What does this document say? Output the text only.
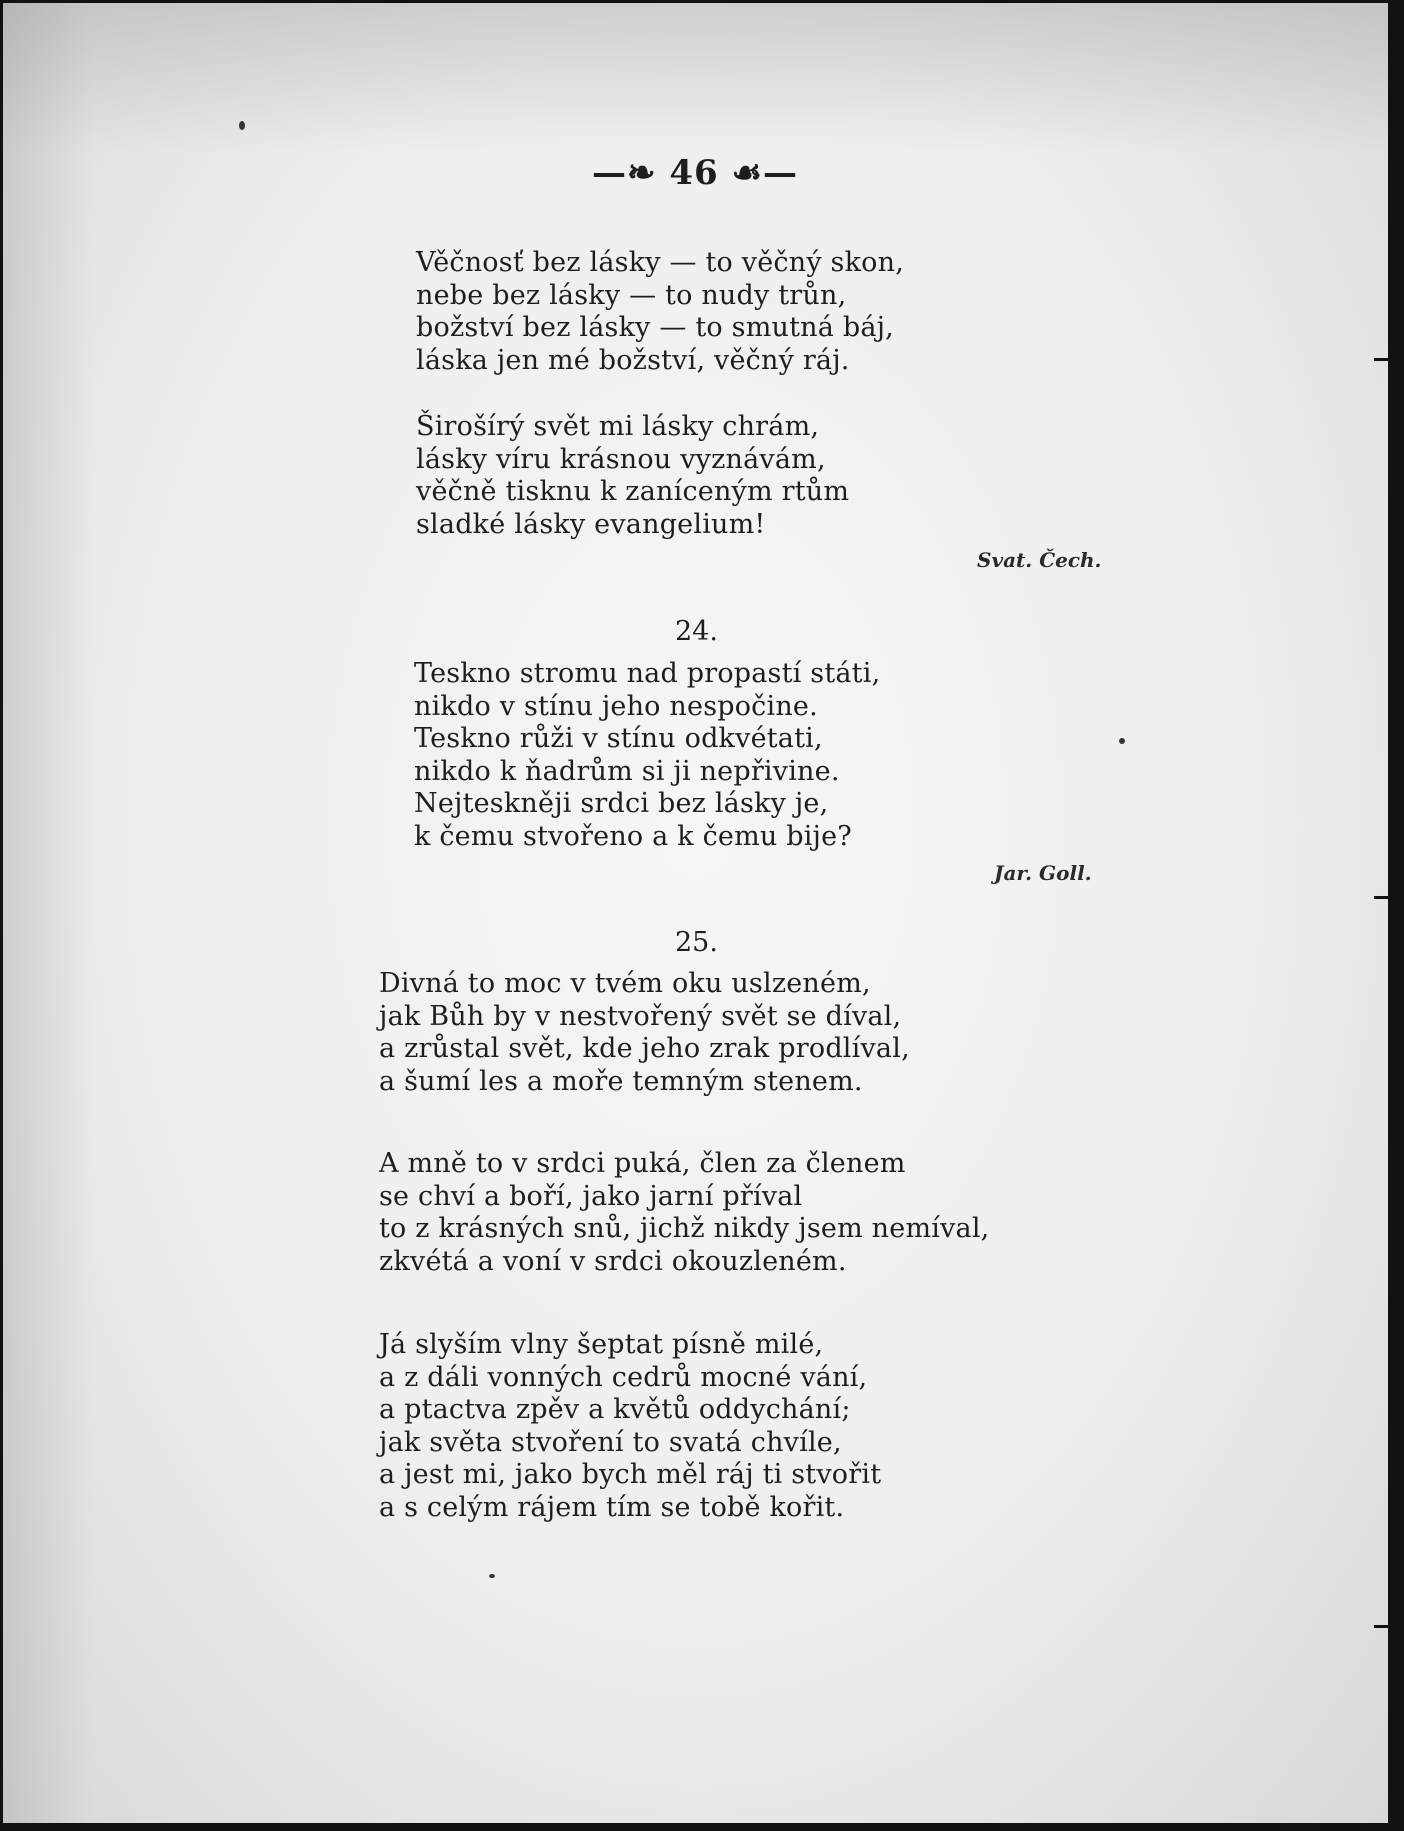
—❧ 46 ☙—
Věčnosť bez lásky — to věčný skon,
nebe bez lásky — to nudy trůn,
božství bez lásky — to smutná báj,
láska jen mé božství, věčný ráj.
Širošírý svět mi lásky chrám,
lásky víru krásnou vyznávám,
věčně tisknu k zaníceným rtům
sladké lásky evangelium!
Svat. Čech.
24.
Teskno stromu nad propastí státi,
nikdo v stínu jeho nespočine.
Teskno růži v stínu odkvétati,
nikdo k ňadrům si ji nepřivine.
Nejteskněji srdci bez lásky je,
k čemu stvořeno a k čemu bije?
Jar. Goll.
25.
Divná to moc v tvém oku uslzeném,
jak Bůh by v nestvořený svět se díval,
a zrůstal svět, kde jeho zrak prodlíval,
a šumí les a moře temným stenem.
A mně to v srdci puká, člen za členem
se chví a boří, jako jarní příval
to z krásných snů, jichž nikdy jsem nemíval,
zkvétá a voní v srdci okouzleném.
Já slyším vlny šeptat písně milé,
a z dáli vonných cedrů mocné vání,
a ptactva zpěv a květů oddychání;
jak světa stvoření to svatá chvíle,
a jest mi, jako bych měl ráj ti stvořit
a s celým rájem tím se tobě kořit.
